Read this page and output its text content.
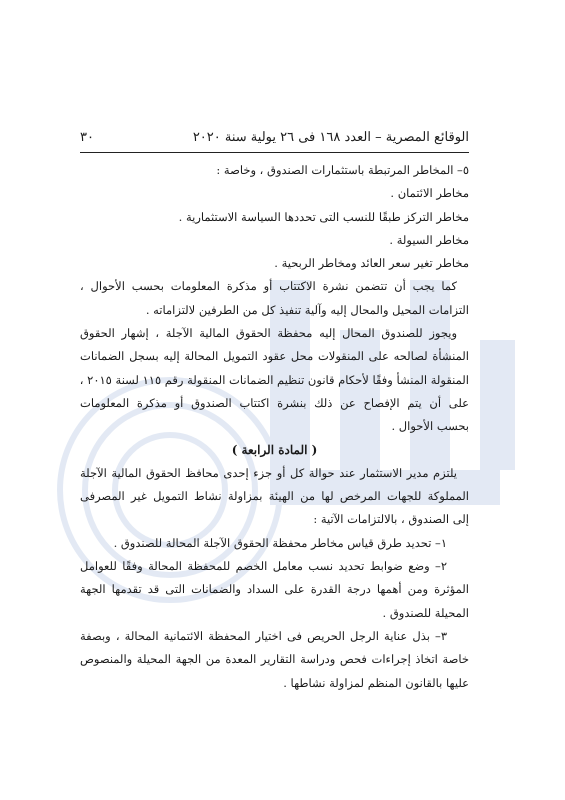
الوقائع المصرية – العدد ١٦٨ فى ٢٦ يولية سنة ٢٠٢٠
٣٠
٥– المخاطر المرتبطة باستثمارات الصندوق ، وخاصة :
مخاطر الائتمان .
مخاطر التركز طبقًا للنسب التى تحددها السياسة الاستثمارية .
مخاطر السيولة .
مخاطر تغير سعر العائد ومخاطر الربحية .
كما يجب أن تتضمن نشرة الاكتتاب أو مذكرة المعلومات بحسب الأحوال ،
التزامات المحيل والمحال إليه وآلية تنفيذ كل من الطرفين لالتزاماته .
ويجوز للصندوق المحال إليه محفظة الحقوق المالية الآجلة ، إشهار الحقوق
المنشأة لصالحه على المنقولات محل عقود التمويل المحالة إليه بسجل الضمانات
المنقولة المنشأ وفقًا لأحكام قانون تنظيم الضمانات المنقولة رقم ١١٥ لسنة ٢٠١٥ ،
على أن يتم الإفصاح عن ذلك بنشرة اكتتاب الصندوق أو مذكرة المعلومات
بحسب الأحوال .
( المادة الرابعة )
يلتزم مدير الاستثمار عند حوالة كل أو جزء إحدى محافظ الحقوق المالية الآجلة
المملوكة للجهات المرخص لها من الهيئة بمزاولة نشاط التمويل غير المصرفى
إلى الصندوق ، بالالتزامات الآتية :
١– تحديد طرق قياس مخاطر محفظة الحقوق الآجلة المحالة للصندوق .
٢– وضع ضوابط تحديد نسب معامل الخصم للمحفظة المحالة وفقًا للعوامل
المؤثرة ومن أهمها درجة القدرة على السداد والضمانات التى قد تقدمها الجهة
المحيلة للصندوق .
٣– بذل عناية الرجل الحريص فى اختيار المحفظة الائتمانية المحالة ، وبصفة
خاصة اتخاذ إجراءات فحص ودراسة التقارير المعدة من الجهة المحيلة والمنصوص
عليها بالقانون المنظم لمزاولة نشاطها .
